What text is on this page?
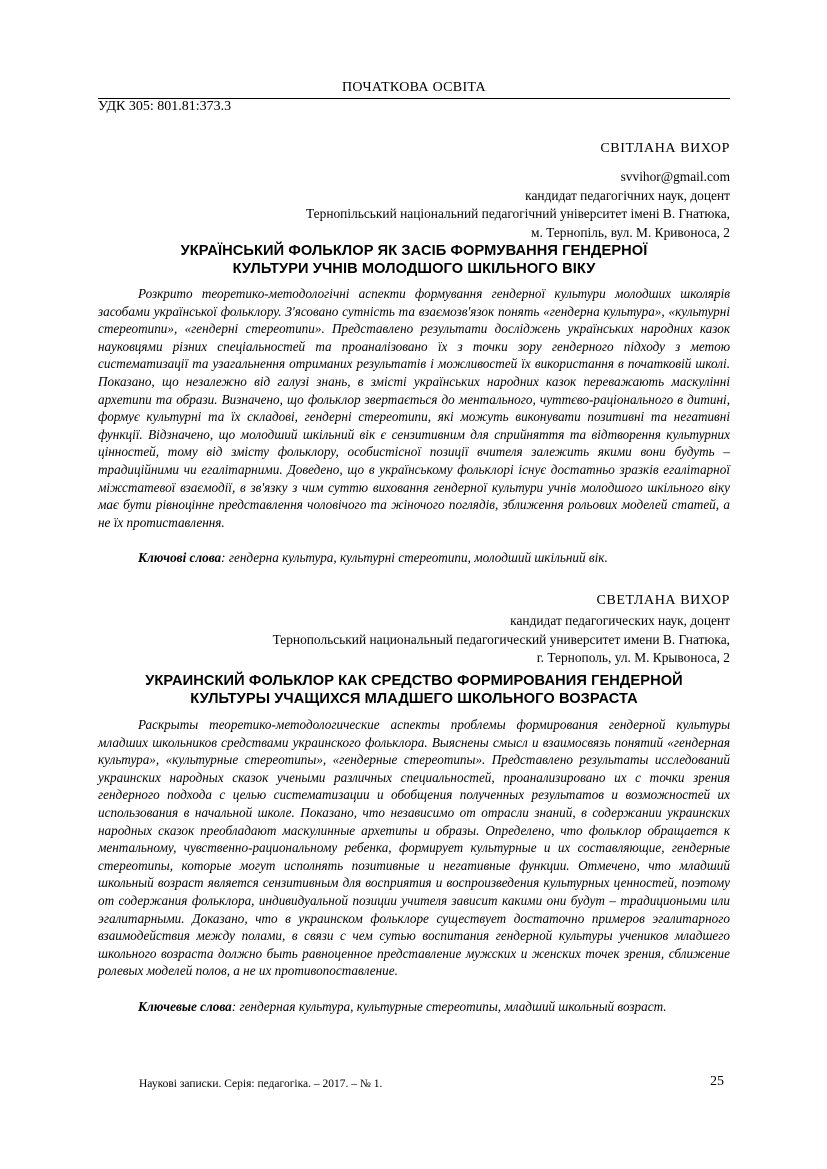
ПОЧАТКОВА ОСВІТА
УДК 305: 801.81:373.3
СВІТЛАНА ВИХОР
svvihor@gmail.com
кандидат педагогічних наук, доцент
Тернопільський національний педагогічний університет імені В. Гнатюка,
м. Тернопіль, вул. М. Кривоноса, 2
УКРАЇНСЬКИЙ ФОЛЬКЛОР ЯК ЗАСІБ ФОРМУВАННЯ ГЕНДЕРНОЇ
КУЛЬТУРИ УЧНІВ МОЛОДШОГО ШКІЛЬНОГО ВІКУ

Розкрито теоретико-методологічні аспекти формування гендерної культури молодших школярів засобами української фольклору. З'ясовано сутність та взаємозв'язок понять «гендерна культура», «культурні стереотипи», «гендерні стереотипи». Представлено результати досліджень українських народних казок науковцями різних спеціальностей та проаналізовано їх з точки зору гендерного підходу з метою систематизації та узагальнення отриманих результатів і можливостей їх використання в початковій школі. Показано, що незалежно від галузі знань, в змісті українських народних казок переважають маскулінні архетипи та образи. Визначено, що фольклор звертається до ментального, чуттєво-раціонального в дитині, формує культурні та їх складові, гендерні стереотипи, які можуть виконувати позитивні та негативні функції. Відзначено, що молодший шкільний вік є сензитивним для сприйняття та відтворення культурних цінностей, тому від змісту фольклору, особистісної позиції вчителя залежить якими вони будуть – традиційними чи егалітарними. Доведено, що в українському фольклорі існує достатньо зразків егалітарної міжстатевої взаємодії, в зв'язку з чим суттю виховання гендерної культури учнів молодшого шкільного віку має бути рівноцінне представлення чоловічого та жіночого поглядів, зближення рольових моделей статей, а не їх протиставлення.

Ключові слова: гендерна культура, культурні стереотипи, молодший шкільний вік.
СВЕТЛАНА ВИХОР
кандидат педагогических наук, доцент
Тернопольський национальный педагогический университет имени В. Гнатюка,
г. Тернополь, ул. М. Крывоноса, 2
УКРАИНСКИЙ ФОЛЬКЛОР КАК СРЕДСТВО ФОРМИРОВАНИЯ ГЕНДЕРНОЙ
КУЛЬТУРЫ УЧАЩИХСЯ МЛАДШЕГО ШКОЛЬНОГО ВОЗРАСТА

Раскрыты теоретико-методологические аспекты проблемы формирования гендерной культуры младших школьников средствами украинского фольклора. Выяснены смысл и взаимосвязь понятий «гендерная культура», «культурные стереотипы», «гендерные стереотипы». Представлено результаты исследований украинских народных сказок учеными различных специальностей, проанализировано их с точки зрения гендерного подхода с целью систематизации и обобщения полученных результатов и возможностей их использования в начальной школе. Показано, что независимо от отрасли знаний, в содержании украинских народных сказок преобладают маскулинные архетипы и образы. Определено, что фольклор обращается к ментальному, чувственно-рациональному ребенка, формирует культурные и их составляющие, гендерные стереотипы, которые могут исполнять позитивные и негативные функции. Отмечено, что младший школьный возраст является сензитивным для восприятия и воспроизведения культурных ценностей, поэтому от содержания фольклора, индивидуальной позиции учителя зависит какими они будут – традициоными или эгалитарными. Доказано, что в украинском фольклоре существует достаточно примеров эгалитарного взаимодействия между полами, в связи с чем сутью воспитания гендерной культуры учеников младшего школьного возраста должно быть равноценное представление мужских и женских точек зрения, сближение ролевых моделей полов, а не их противопоставление.

Ключевые слова: гендерная культура, культурные стереотипы, младший школьный возраст.
Наукові записки. Серія: педагогіка. – 2017. – № 1.	25
